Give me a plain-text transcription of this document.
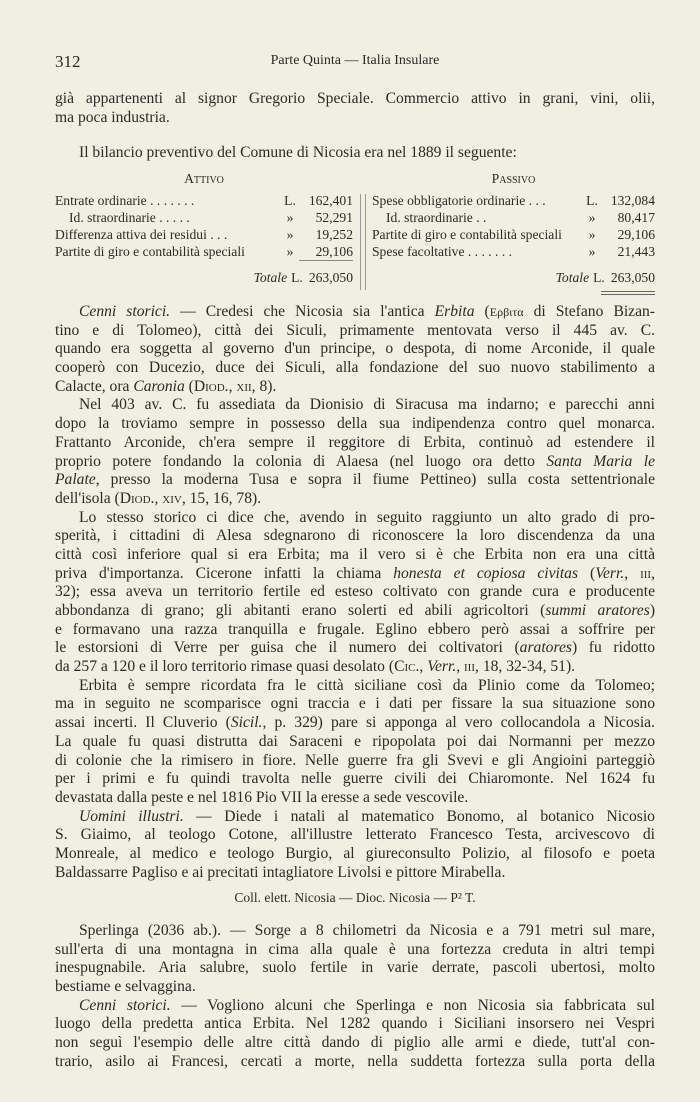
312	Parte Quinta — Italia Insulare
già appartenenti al signor Gregorio Speciale. Commercio attivo in grani, vini, olii,
ma poca industria.
Il bilancio preventivo del Comune di Nicosia era nel 1889 il seguente:
Attivo
Entrate ordinarie . . . . . . .	L. 162,401
Id. straordinarie . . . . .	»	52,291
Differenza attiva dei residui . . .	»	19,252
Partite di giro e contabilità speciali	»	29,106
Totale L. 263,050
Passivo
Spese obbligatorie ordinarie . . .	L. 132,084
Id. straordinarie . .	»	80,417
Partite di giro e contabilità speciali	»	29,106
Spese facoltative . . . . . . .	»	21,443
Totale L. 263,050
Cenni storici. — Credesi che Nicosia sia l'antica Erbita (Ερβιτα di Stefano Bizan-
tino e di Tolomeo), città dei Siculi, primamente mentovata verso il 445 av. C.
quando era soggetta al governo d'un principe, o despota, di nome Arconide, il quale
cooperò con Ducezio, duce dei Siculi, alla fondazione del suo nuovo stabilimento a
Calacte, ora Caronia (Diod., xii, 8).
Nel 403 av. C. fu assediata da Dionisio di Siracusa ma indarno; e parecchi anni
dopo la troviamo sempre in possesso della sua indipendenza contro quel monarca.
Frattanto Arconide, ch'era sempre il reggitore di Erbita, continuò ad estendere il
proprio potere fondando la colonia di Alaesa (nel luogo ora detto Santa Maria le
Palate, presso la moderna Tusa e sopra il fiume Pettineo) sulla costa settentrionale
dell'isola (Diod., xiv, 15, 16, 78).
Lo stesso storico ci dice che, avendo in seguito raggiunto un alto grado di pro-
sperità, i cittadini di Alesa sdegnarono di riconoscere la loro discendenza da una
città così inferiore qual si era Erbita; ma il vero si è che Erbita non era una città
priva d'importanza. Cicerone infatti la chiama honesta et copiosa civitas (Verr., iii,
32); essa aveva un territorio fertile ed esteso coltivato con grande cura e producente
abbondanza di grano; gli abitanti erano solerti ed abili agricoltori (summi aratores)
e formavano una razza tranquilla e frugale. Eglino ebbero però assai a soffrire per
le estorsioni di Verre per guisa che il numero dei coltivatori (aratores) fu ridotto
da 257 a 120 e il loro territorio rimase quasi desolato (Cic., Verr., iii, 18, 32-34, 51).
Erbita è sempre ricordata fra le città siciliane così da Plinio come da Tolomeo;
ma in seguito ne scomparisce ogni traccia e i dati per fissare la sua situazione sono
assai incerti. Il Cluverio (Sicil., p. 329) pare si apponga al vero collocandola a Nicosia.
La quale fu quasi distrutta dai Saraceni e ripopolata poi dai Normanni per mezzo
di colonie che la rimisero in fiore. Nelle guerre fra gli Svevi e gli Angioini parteggiò
per i primi e fu quindi travolta nelle guerre civili dei Chiaromonte. Nel 1624 fu
devastata dalla peste e nel 1816 Pio VII la eresse a sede vescovile.
Uomini illustri. — Diede i natali al matematico Bonomo, al botanico Nicosio
S. Giaimo, al teologo Cotone, all'illustre letterato Francesco Testa, arcivescovo di
Monreale, al medico e teologo Burgio, al giureconsulto Polizio, al filosofo e poeta
Baldassarre Pagliso e ai precitati intagliatore Livolsi e pittore Mirabella.
Coll. elett. Nicosia — Dioc. Nicosia — P² T.
Sperlinga (2036 ab.). — Sorge a 8 chilometri da Nicosia e a 791 metri sul mare,
sull'erta di una montagna in cima alla quale è una fortezza creduta in altri tempi
inespugnabile. Aria salubre, suolo fertile in varie derrate, pascoli ubertosi, molto
bestiame e selvaggina.
Cenni storici. — Vogliono alcuni che Sperlinga e non Nicosia sia fabbricata sul
luogo della predetta antica Erbita. Nel 1282 quando i Siciliani insorsero nei Vespri
non seguì l'esempio delle altre città dando di piglio alle armi e diede, tutt'al con-
trario, asilo ai Francesi, cercati a morte, nella suddetta fortezza sulla porta della
